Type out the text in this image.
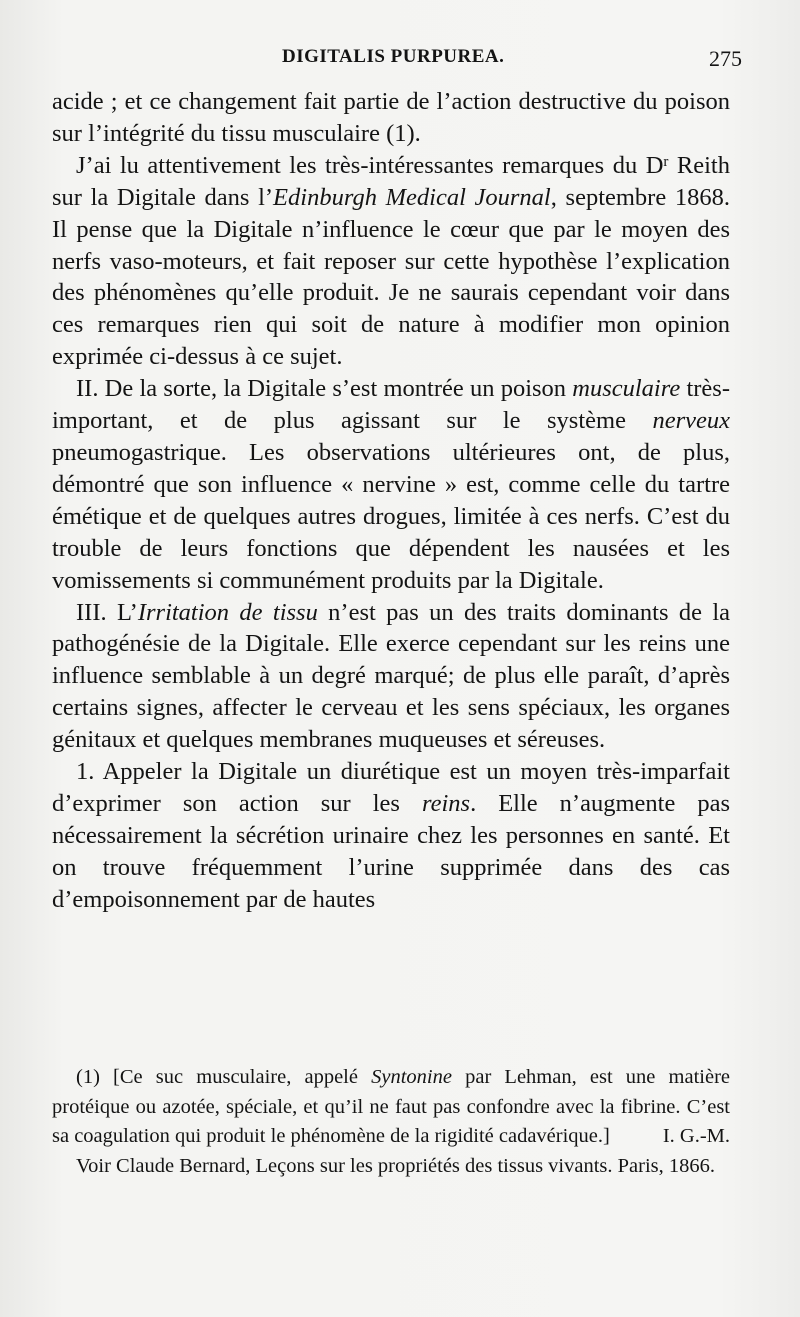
DIGITALIS PURPUREA.	275

acide ; et ce changement fait partie de l’action destructive du poison sur l’intégrité du tissu musculaire (1).

J’ai lu attentivement les très-intéressantes remarques du $D^r$ Reith sur la Digitale dans l’Edinburgh Medical Journal, septembre 1868. Il pense que la Digitale n’influence le cœur que par le moyen des nerfs vaso-moteurs, et fait reposer sur cette hypothèse l’explication des phénomènes qu’elle produit. Je ne saurais cependant voir dans ces remarques rien qui soit de nature à modifier mon opinion exprimée ci-dessus à ce sujet.

II. De la sorte, la Digitale s’est montrée un poison musculaire très-important, et de plus agissant sur le système nerveux pneumogastrique. Les observations ultérieures ont, de plus, démontré que son influence « nervine » est, comme celle du tartre émétique et de quelques autres drogues, limitée à ces nerfs. C’est du trouble de leurs fonctions que dépendent les nausées et les vomissements si communément produits par la Digitale.

III. L’Irritation de tissu n’est pas un des traits dominants de la pathogénésie de la Digitale. Elle exerce cependant sur les reins une influence semblable à un degré marqué; de plus elle paraît, d’après certains signes, affecter le cerveau et les sens spéciaux, les organes génitaux et quelques membranes muqueuses et séreuses.

1. Appeler la Digitale un diurétique est un moyen très-imparfait d’exprimer son action sur les reins. Elle n’augmente pas nécessairement la sécrétion urinaire chez les personnes en santé. Et on trouve fréquemment l’urine supprimée dans des cas d’empoisonnement par de hautes

(1) [Ce suc musculaire, appelé Syntonine par Lehman, est une matière protéique ou azotée, spéciale, et qu’il ne faut pas confondre avec la fibrine. C’est sa coagulation qui produit le phénomène de la rigidité cadavérique.]	I. G.-M.

Voir Claude Bernard, Leçons sur les propriétés des tissus vivants. Paris, 1866.
